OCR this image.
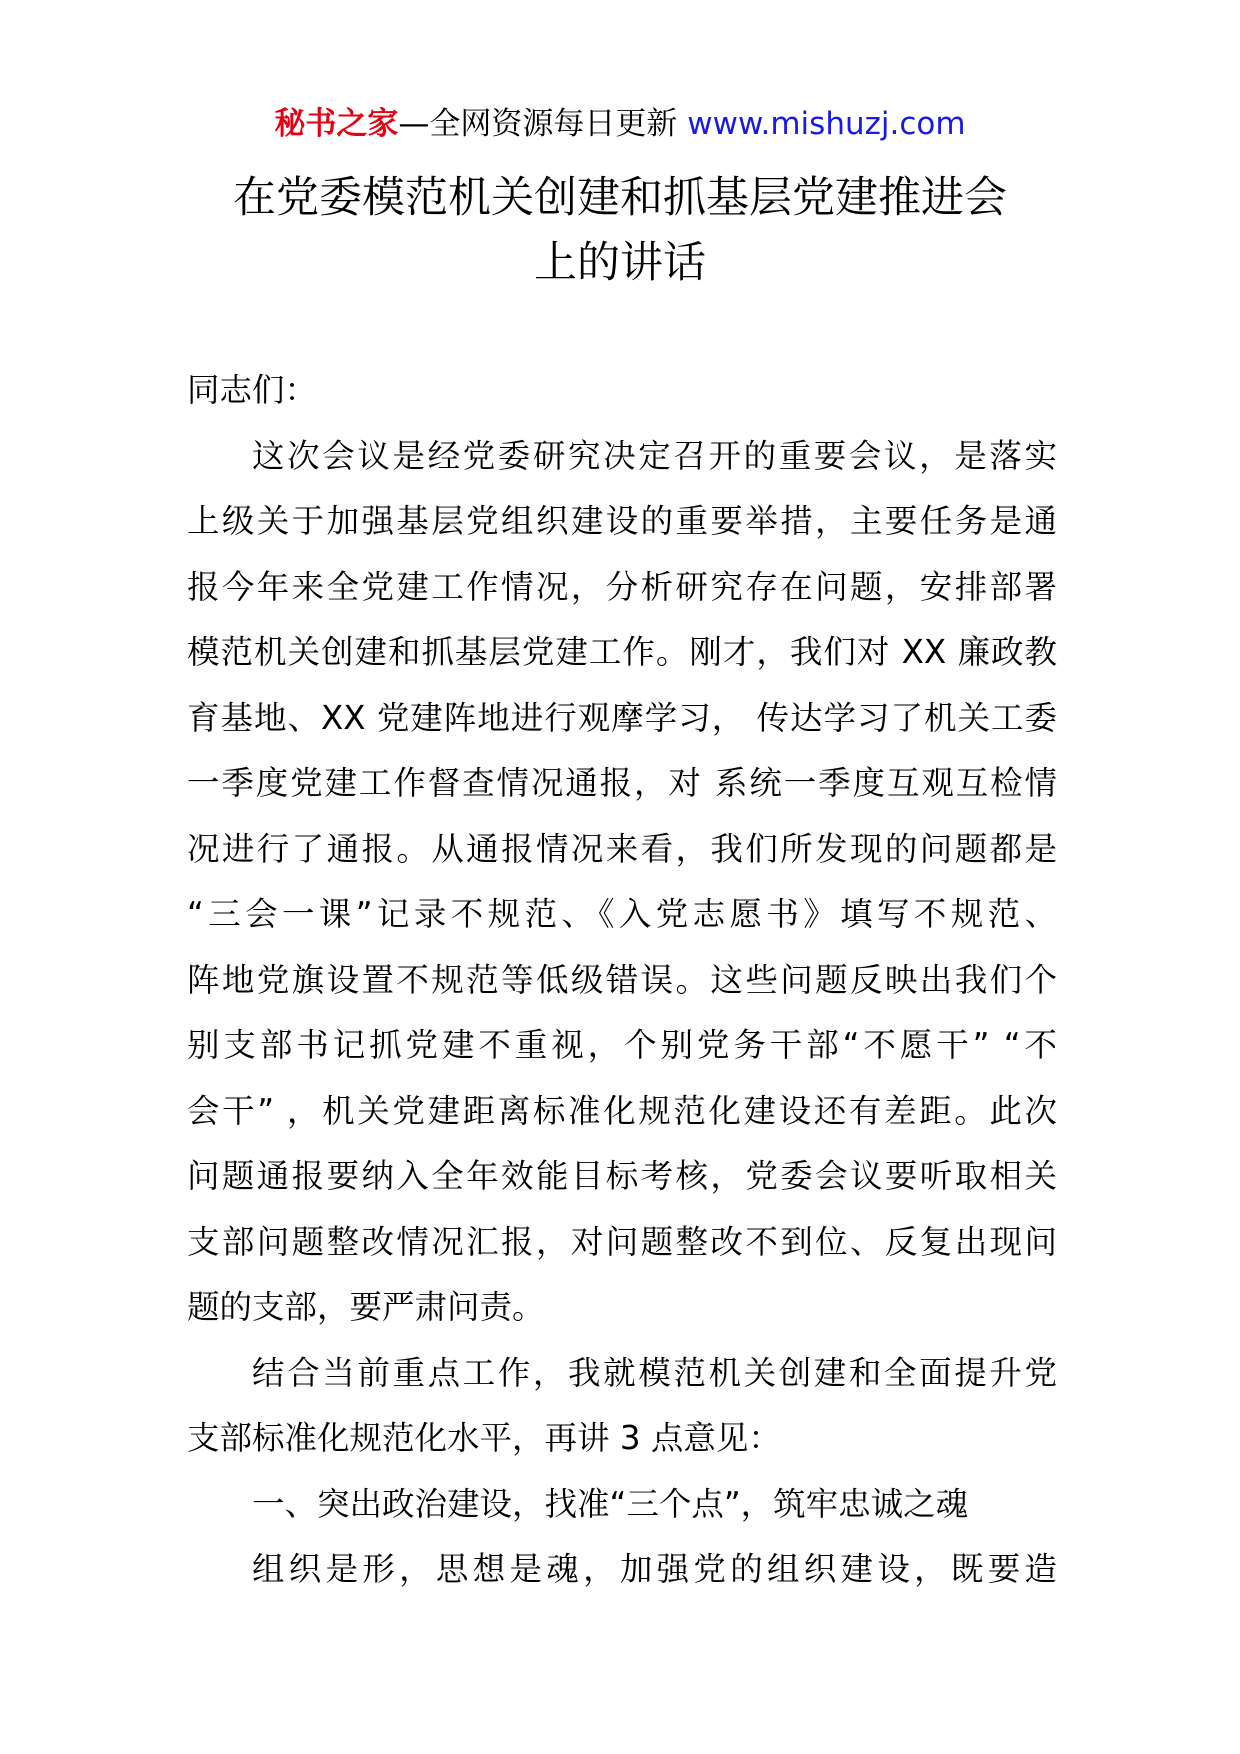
秘书之家—全网资源每日更新 www.mishuzj.com
在党委模范机关创建和抓基层党建推进会
上的讲话
同志们：
这次会议是经党委研究决定召开的重要会议，是落实
上级关于加强基层党组织建设的重要举措，主要任务是通
报今年来全党建工作情况，分析研究存在问题，安排部署
模范机关创建和抓基层党建工作。刚才，我们对 XX 廉政教
育基地、XX 党建阵地进行观摩学习， 传达学习了机关工委
一季度党建工作督查情况通报，对 系统一季度互观互检情
况进行了通报。从通报情况来看，我们所发现的问题都是
“三会一课”记录不规范、《入党志愿书》填写不规范、
阵地党旗设置不规范等低级错误。这些问题反映出我们个
别支部书记抓党建不重视，个别党务干部“不愿干” “不
会干” ，机关党建距离标准化规范化建设还有差距。此次
问题通报要纳入全年效能目标考核，党委会议要听取相关
支部问题整改情况汇报，对问题整改不到位、反复出现问
题的支部，要严肃问责。
结合当前重点工作，我就模范机关创建和全面提升党
支部标准化规范化水平，再讲 3 点意见：
一、突出政治建设，找准“三个点”，筑牢忠诚之魂
组织是形，思想是魂，加强党的组织建设，既要造
